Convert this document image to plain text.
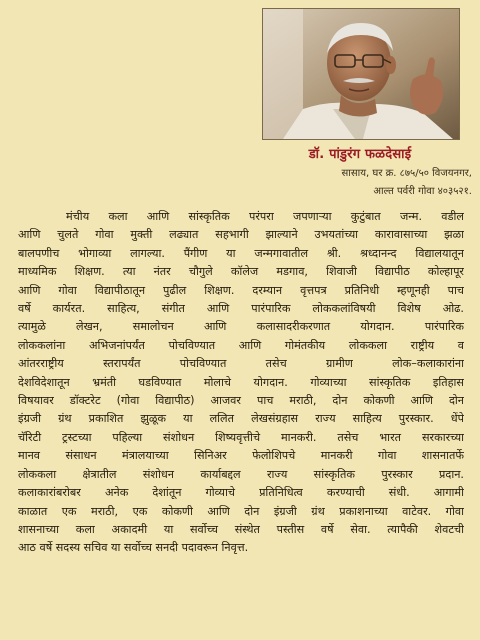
डॉ. पांडुरंग फळदेसाई
सासाय, घर क्र. ८७५/५० विजयनगर,
आल्त पर्वरी गोवा ४०३५२१.
मंचीय कला आणि सांस्कृतिक परंपरा जपणाऱ्या कुटुंबात जन्म. वडील
आणि चुलते गोवा मुक्ती लढ्यात सहभागी झाल्याने उभयतांच्या कारावासाच्या झळा
बालपणीच भोगाव्या लागल्या. पैंगीण या जन्मगावातील श्री. श्रध्दानन्द विद्यालयातून
माध्यमिक शिक्षण. त्या नंतर चौगुले कॉलेज मडगाव, शिवाजी विद्यापीठ कोल्हापूर
आणि गोवा विद्यापीठातून पुढील शिक्षण. दरम्यान वृत्तपत्र प्रतिनिधी म्हणूनही पाच
वर्षे कार्यरत. साहित्य, संगीत आणि पारंपारिक लोककलांविषयी विशेष ओढ.
त्यामुळे लेखन, समालोचन आणि कलासादरीकरणात योगदान. पारंपारिक
लोककलांना अभिजनांपर्यंत पोचविण्यात आणि गोमंतकीय लोककला राष्ट्रीय व
आंतरराष्ट्रीय स्तरापर्यंत पोचविण्यात तसेच ग्रामीण लोक–कलाकारांना
देशविदेशातून भ्रमंती घडविण्यात मोलाचे योगदान. गोव्याच्या सांस्कृतिक इतिहास
विषयावर डॉक्टरेट (गोवा विद्यापीठ) आजवर पाच मराठी, दोन कोकणी आणि दोन
इंग्रजी ग्रंथ प्रकाशित झुळूक या ललित लेखसंग्रहास राज्य साहित्य पुरस्कार. धेंपे
चॅरिटी ट्रस्टच्या पहिल्या संशोधन शिष्यवृत्तीचे मानकरी. तसेच भारत सरकारच्या
मानव संसाधन मंत्रालयाच्या सिनिअर फेलोशिपचे मानकरी गोवा शासनातर्फे
लोककला क्षेत्रातील संशोधन कार्याबद्दल राज्य सांस्कृतिक पुरस्कार प्रदान.
कलाकारांबरोबर अनेक देशांतून गोव्याचे प्रतिनिधित्व करण्याची संधी. आगामी
काळात एक मराठी, एक कोकणी आणि दोन इंग्रजी ग्रंथ प्रकाशनाच्या वाटेवर. गोवा
शासनाच्या कला अकादमी या सर्वोच्च संस्थेत पस्तीस वर्षे सेवा. त्यापैकी शेवटची
आठ वर्षे सदस्य सचिव या सर्वोच्च सनदी पदावरून निवृत्त.
